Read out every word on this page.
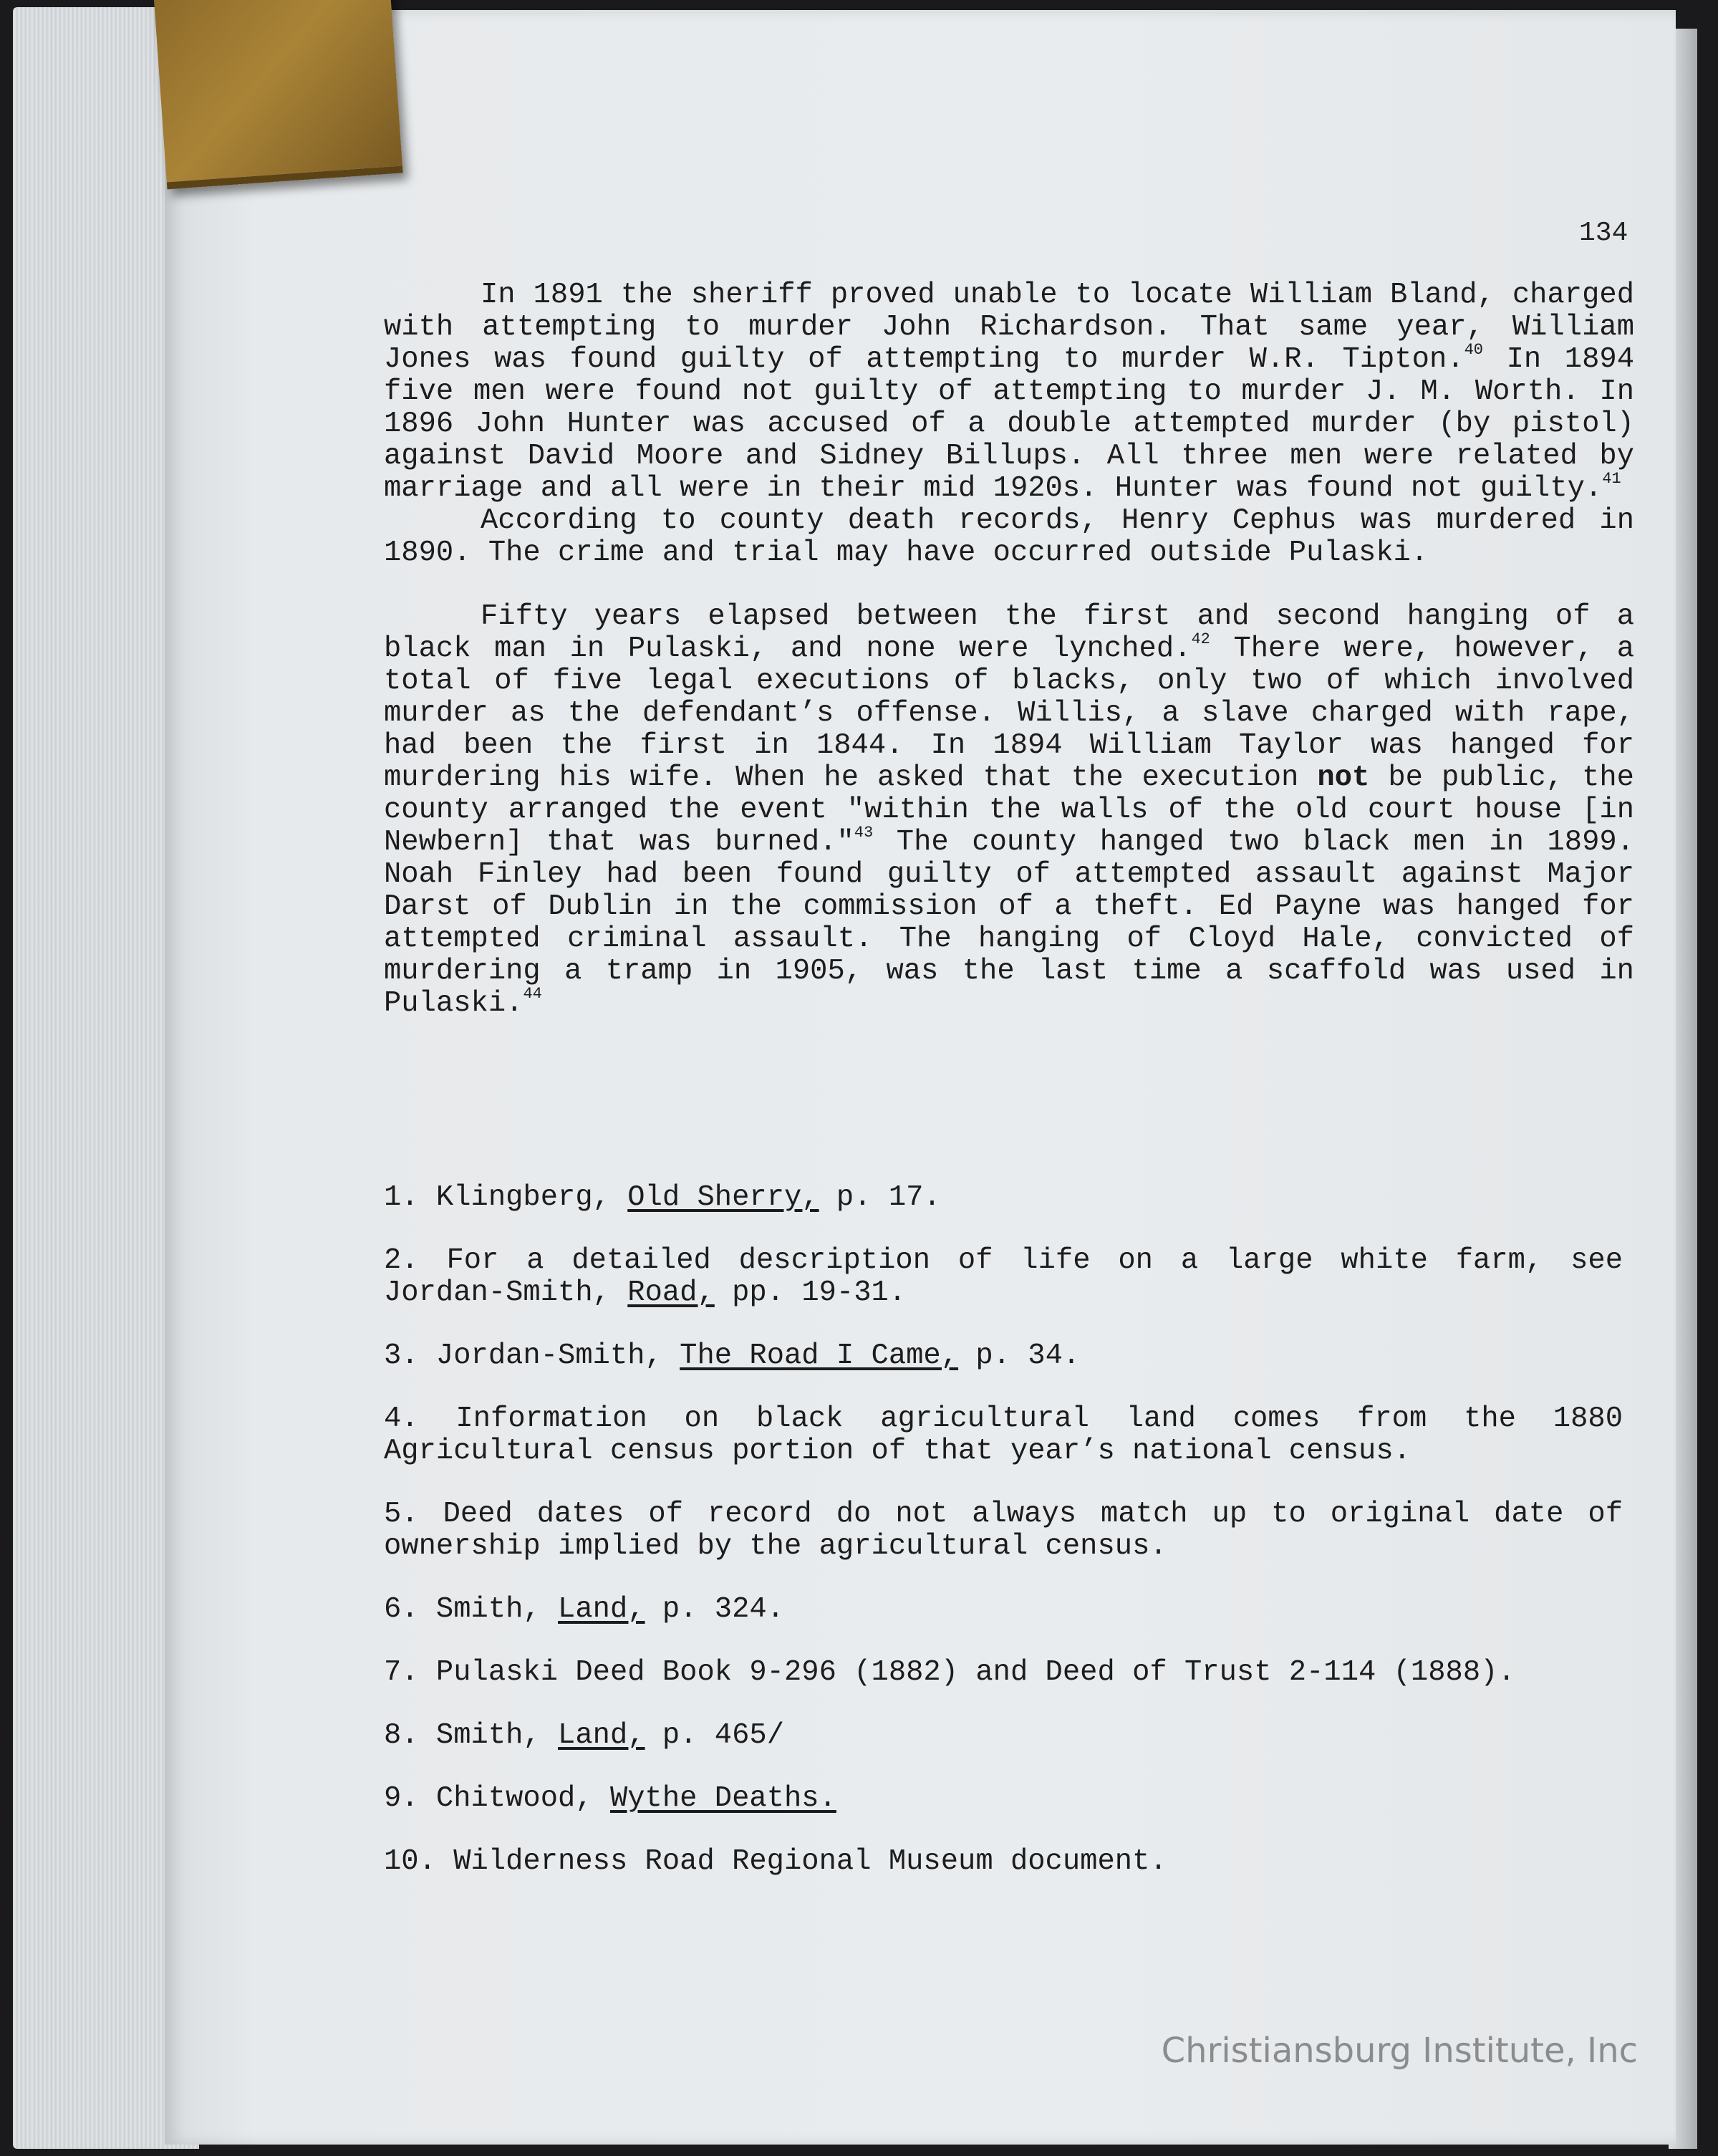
134

In 1891 the sheriff proved unable to locate William Bland, charged with attempting to murder John Richardson. That same year, William Jones was found guilty of attempting to murder W.R. Tipton.$^{40}$ In 1894 five men were found not guilty of attempting to murder J. M. Worth. In 1896 John Hunter was accused of a double attempted murder (by pistol) against David Moore and Sidney Billups. All three men were related by marriage and all were in their mid 1920s. Hunter was found not guilty.$^{41}$

According to county death records, Henry Cephus was murdered in 1890. The crime and trial may have occurred outside Pulaski.

Fifty years elapsed between the first and second hanging of a black man in Pulaski, and none were lynched.$^{42}$ There were, however, a total of five legal executions of blacks, only two of which involved murder as the defendant’s offense. Willis, a slave charged with rape, had been the first in 1844. In 1894 William Taylor was hanged for murdering his wife. When he asked that the execution not be public, the county arranged the event "within the walls of the old court house [in Newbern] that was burned."$^{43}$ The county hanged two black men in 1899. Noah Finley had been found guilty of attempted assault against Major Darst of Dublin in the commission of a theft. Ed Payne was hanged for attempted criminal assault. The hanging of Cloyd Hale, convicted of murdering a tramp in 1905, was the last time a scaffold was used in Pulaski.$^{44}$

1. Klingberg, Old Sherry, p. 17.
2. For a detailed description of life on a large white farm, see Jordan-Smith, Road, pp. 19-31.
3. Jordan-Smith, The Road I Came, p. 34.
4. Information on black agricultural land comes from the 1880 Agricultural census portion of that year’s national census.
5. Deed dates of record do not always match up to original date of ownership implied by the agricultural census.
6. Smith, Land, p. 324.
7. Pulaski Deed Book 9-296 (1882) and Deed of Trust 2-114 (1888).
8. Smith, Land, p. 465/
9. Chitwood, Wythe Deaths.
10. Wilderness Road Regional Museum document.
Christiansburg Institute, Inc
